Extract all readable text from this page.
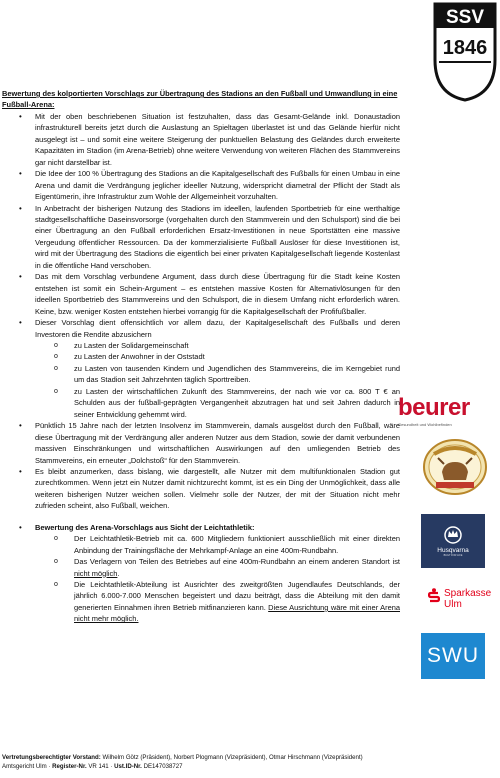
SSV
1846

Bewertung des kolportierten Vorschlags zur Übertragung des Stadions an den Fußball und Umwandlung in eine Fußball-Arena:

• Mit der oben beschriebenen Situation ist festzuhalten, dass das Gesamt-Gelände inkl. Donaustadion infrastrukturell bereits jetzt durch die Auslastung an Spieltagen überlastet ist und das Gelände hierfür nicht ausgelegt ist – und somit eine weitere Steigerung der punktuellen Belastung des Geländes durch erweiterte Kapazitäten im Stadion (im Arena-Betrieb) ohne weitere Verwendung von weiteren Flächen des Stammvereins gar nicht darstellbar ist.
• Die Idee der 100 % Übertragung des Stadions an die Kapitalgesellschaft des Fußballs für einen Umbau in eine Arena und damit die Verdrängung jeglicher ideeller Nutzung, widerspricht diametral der Pflicht der Stadt als Eigentümerin, ihre Infrastruktur zum Wohle der Allgemeinheit vorzuhalten.
• In Anbetracht der bisherigen Nutzung des Stadions im ideellen, laufenden Sportbetrieb für eine werthaltige stadtgesellschaftliche Daseinsvorsorge (vorgehalten durch den Stammverein und den Schulsport) sind die bei einer Übertragung an den Fußball erforderlichen Ersatz-Investitionen in neue Sportstätten eine massive Vergeudung öffentlicher Ressourcen. Da der kommerzialisierte Fußball Auslöser für diese Investitionen ist, wird mit der Übertragung des Stadions die eigentlich bei einer privaten Kapitalgesellschaft liegende Kostenlast in die öffentliche Hand verschoben.
• Das mit dem Vorschlag verbundene Argument, dass durch diese Übertragung für die Stadt keine Kosten entstehen ist somit ein Schein-Argument – es entstehen massive Kosten für Alternativlösungen für den ideellen Sportbetrieb des Stammvereins und den Schulsport, die in diesem Umfang nicht erforderlich wären. Keine, bzw. weniger Kosten entstehen hierbei vorrangig für die Kapitalgesellschaft der Profifußballer.
• Dieser Vorschlag dient offensichtlich vor allem dazu, der Kapitalgesellschaft des Fußballs und deren Investoren die Rendite abzusichern
o zu Lasten der Solidargemeinschaft
o zu Lasten der Anwohner in der Oststadt
o zu Lasten von tausenden Kindern und Jugendlichen des Stammvereins, die im Kerngebiet rund um das Stadion seit Jahrzehnten täglich Sporttreiben.
o zu Lasten der wirtschaftlichen Zukunft des Stammvereins, der nach wie vor ca. 800 T € an Schulden aus der fußball-geprägten Vergangenheit abzutragen hat und seit Jahren dadurch in seiner Entwicklung gehemmt wird.
• Pünktlich 15 Jahre nach der letzten Insolvenz im Stammverein, damals ausgelöst durch den Fußball, wäre diese Übertragung mit der Verdrängung aller anderen Nutzer aus dem Stadion, sowie der damit verbundenen massiven Einschränkungen und wirtschaftlichen Auswirkungen auf den umliegenden Betrieb des Stammvereins, ein erneuter „Dolchstoß“ für den Stammverein.
• Es bleibt anzumerken, dass bislang, wie dargestellt, alle Nutzer mit dem multifunktionalen Stadion gut zurechtkommen. Wenn jetzt ein Nutzer damit nichtzurecht kommt, ist es ein Ding der Unmöglichkeit, dass alle weiteren bisherigen Nutzer weichen sollen. Vielmehr solle der Nutzer, der mit der Situation nicht mehr zufrieden scheint, also Fußball, weichen.
• Bewertung des Arena-Vorschlags aus Sicht der Leichtathletik:
o Der Leichtathletik-Betrieb mit ca. 600 Mitgliedern funktioniert ausschließlich mit einer direkten Anbindung der Trainingsfläche der Mehrkampf-Anlage an eine 400m-Rundbahn.
o Das Verlagern von Teilen des Betriebes auf eine 400m-Rundbahn an einem anderen Standort ist nicht möglich.
o Die Leichtathletik-Abteilung ist Ausrichter des zweitgrößten Jugendlaufes Deutschlands, der jährlich 6.000-7.000 Menschen begeistert und dazu beiträgt, dass die Abteilung mit den damit generierten Einnahmen ihren Betrieb mitfinanzieren kann. Diese Ausrichtung wäre mit einer Arena nicht mehr möglich.
beurer
Gesundheit und Wohlbefinden
Husqvarna
BUILT FOR LIFE
Sparkasse
Ulm
SWU
Vertretungsberechtigter Vorstand: Wilhelm Götz (Präsident), Norbert Plogmann (Vizepräsident), Otmar Hirschmann (Vizepräsident)
Amtsgericht Ulm · Register-Nr. VR 141 · Ust.ID-Nr. DE147038727
